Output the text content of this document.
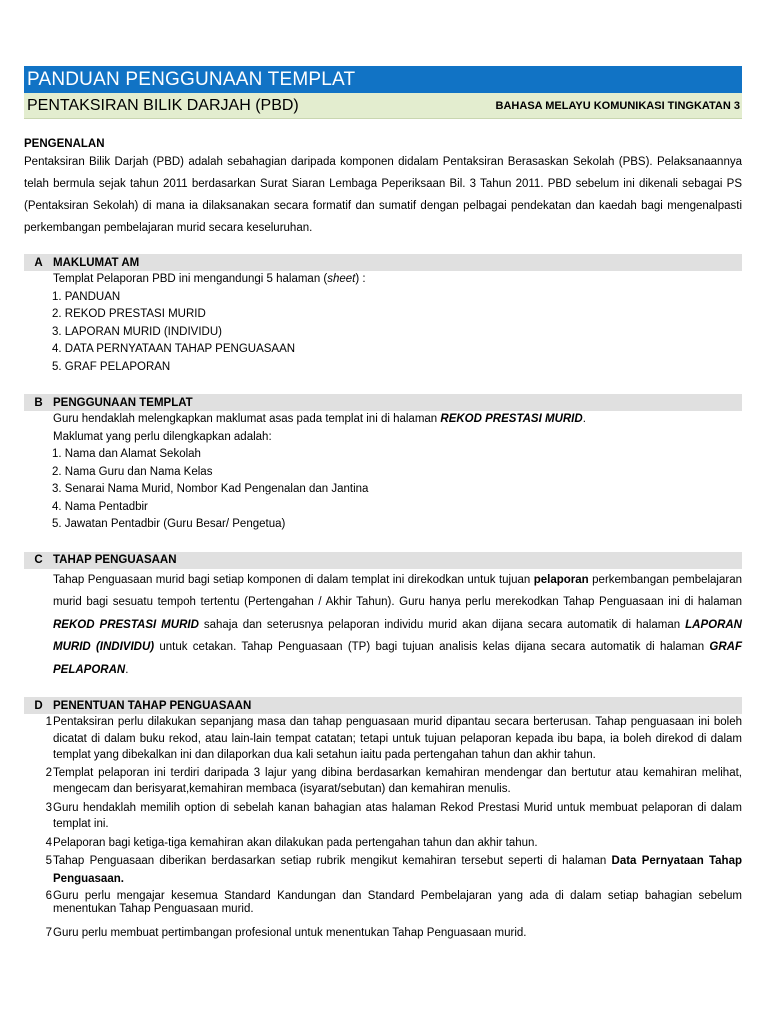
PANDUAN PENGGUNAAN TEMPLAT
PENTAKSIRAN BILIK DARJAH (PBD)	BAHASA MELAYU KOMUNIKASI TINGKATAN 3
PENGENALAN
Pentaksiran Bilik Darjah (PBD) adalah sebahagian daripada komponen didalam Pentaksiran Berasaskan Sekolah (PBS). Pelaksanaannya telah bermula sejak tahun 2011 berdasarkan Surat Siaran Lembaga Peperiksaan Bil. 3 Tahun 2011. PBD sebelum ini dikenali sebagai PS (Pentaksiran Sekolah) di mana ia dilaksanakan secara formatif dan sumatif dengan pelbagai pendekatan dan kaedah bagi mengenalpasti perkembangan pembelajaran murid secara keseluruhan.
A MAKLUMAT AM
Templat Pelaporan PBD ini mengandungi 5 halaman (sheet) :
1. PANDUAN
2. REKOD PRESTASI MURID
3. LAPORAN MURID (INDIVIDU)
4. DATA PERNYATAAN TAHAP PENGUASAAN
5. GRAF PELAPORAN
B PENGGUNAAN TEMPLAT
Guru hendaklah melengkapkan maklumat asas pada templat ini di halaman REKOD PRESTASI MURID.
Maklumat yang perlu dilengkapkan adalah:
1. Nama dan Alamat Sekolah
2. Nama Guru dan Nama Kelas
3. Senarai Nama Murid, Nombor Kad Pengenalan dan Jantina
4. Nama Pentadbir
5. Jawatan Pentadbir (Guru Besar/ Pengetua)
C TAHAP PENGUASAAN
Tahap Penguasaan murid bagi setiap komponen di dalam templat ini direkodkan untuk tujuan pelaporan perkembangan pembelajaran murid bagi sesuatu tempoh tertentu (Pertengahan / Akhir Tahun). Guru hanya perlu merekodkan Tahap Penguasaan ini di halaman REKOD PRESTASI MURID sahaja dan seterusnya pelaporan individu murid akan dijana secara automatik di halaman LAPORAN MURID (INDIVIDU) untuk cetakan. Tahap Penguasaan (TP) bagi tujuan analisis kelas dijana secara automatik di halaman GRAF PELAPORAN.
D PENENTUAN TAHAP PENGUASAAN
1 Pentaksiran perlu dilakukan sepanjang masa dan tahap penguasaan murid dipantau secara berterusan. Tahap penguasaan ini boleh dicatat di dalam buku rekod, atau lain-lain tempat catatan; tetapi untuk tujuan pelaporan kepada ibu bapa, ia boleh direkod di dalam templat yang dibekalkan ini dan dilaporkan dua kali setahun iaitu pada pertengahan tahun dan akhir tahun.
2 Templat pelaporan ini terdiri daripada 3 lajur yang dibina berdasarkan kemahiran mendengar dan bertutur atau kemahiran melihat, mengecam dan berisyarat,kemahiran membaca (isyarat/sebutan) dan kemahiran menulis.
3 Guru hendaklah memilih option di sebelah kanan bahagian atas halaman Rekod Prestasi Murid untuk membuat pelaporan di dalam templat ini.
4 Pelaporan bagi ketiga-tiga kemahiran akan dilakukan pada pertengahan tahun dan akhir tahun.
5 Tahap Penguasaan diberikan berdasarkan setiap rubrik mengikut kemahiran tersebut seperti di halaman Data Pernyataan Tahap Penguasaan.
6 Guru perlu mengajar kesemua Standard Kandungan dan Standard Pembelajaran yang ada di dalam setiap bahagian sebelum menentukan Tahap Penguasaan murid.
7 Guru perlu membuat pertimbangan profesional untuk menentukan Tahap Penguasaan murid.
